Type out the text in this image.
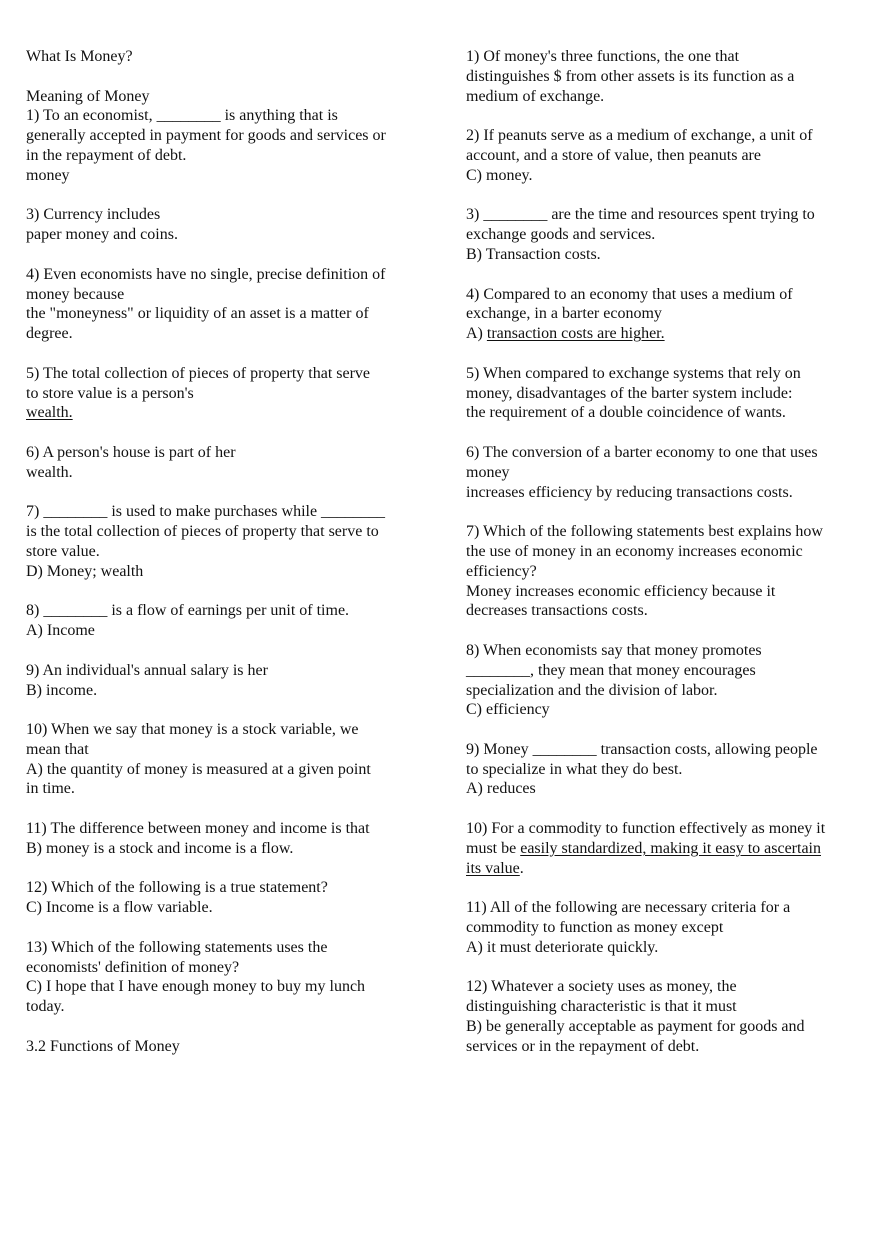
What Is Money?
Meaning of Money
1) To an economist, ________ is anything that is
generally accepted in payment for goods and services or
in the repayment of debt.
money
3) Currency includes
paper money and coins.
4) Even economists have no single, precise definition of
money because
the "moneyness" or liquidity of an asset is a matter of
degree.
5) The total collection of pieces of property that serve
to store value is a person's
wealth.
6) A person's house is part of her
wealth.
7) ________ is used to make purchases while ________
is the total collection of pieces of property that serve to
store value.
D) Money; wealth
8) ________ is a flow of earnings per unit of time.
A) Income
9) An individual's annual salary is her
B) income.
10) When we say that money is a stock variable, we
mean that
A) the quantity of money is measured at a given point
in time.
11) The difference between money and income is that
B) money is a stock and income is a flow.
12) Which of the following is a true statement?
C) Income is a flow variable.
13) Which of the following statements uses the
economists' definition of money?
C) I hope that I have enough money to buy my lunch
today.
3.2 Functions of Money
1) Of money's three functions, the one that
distinguishes $ from other assets is its function as a
medium of exchange.
2) If peanuts serve as a medium of exchange, a unit of
account, and a store of value, then peanuts are
C) money.
3) ________ are the time and resources spent trying to
exchange goods and services.
B) Transaction costs.
4) Compared to an economy that uses a medium of
exchange, in a barter economy
A) transaction costs are higher.
5) When compared to exchange systems that rely on
money, disadvantages of the barter system include:
the requirement of a double coincidence of wants.
6) The conversion of a barter economy to one that uses
money
increases efficiency by reducing transactions costs.
7) Which of the following statements best explains how
the use of money in an economy increases economic
efficiency?
Money increases economic efficiency because it
decreases transactions costs.
8) When economists say that money promotes
________, they mean that money encourages
specialization and the division of labor.
C) efficiency
9) Money ________ transaction costs, allowing people
to specialize in what they do best.
A) reduces
10) For a commodity to function effectively as money it
must be easily standardized, making it easy to ascertain
its value.
11) All of the following are necessary criteria for a
commodity to function as money except
A) it must deteriorate quickly.
12) Whatever a society uses as money, the
distinguishing characteristic is that it must
B) be generally acceptable as payment for goods and
services or in the repayment of debt.
